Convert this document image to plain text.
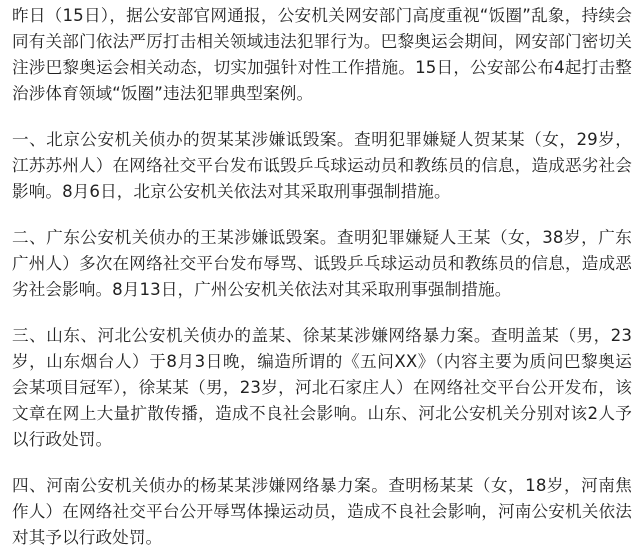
昨日（15日），据公安部官网通报，公安机关网安部门高度重视“饭圈”乱象，持续会同有关部门依法严厉打击相关领域违法犯罪行为。巴黎奥运会期间，网安部门密切关注涉巴黎奥运会相关动态，切实加强针对性工作措施。15日，公安部公布4起打击整治涉体育领域“饭圈”违法犯罪典型案例。

一、北京公安机关侦办的贺某某涉嫌诋毁案。查明犯罪嫌疑人贺某某（女，29岁，江苏苏州人）在网络社交平台发布诋毁乒乓球运动员和教练员的信息，造成恶劣社会影响。8月6日，北京公安机关依法对其采取刑事强制措施。

二、广东公安机关侦办的王某涉嫌诋毁案。查明犯罪嫌疑人王某（女，38岁，广东广州人）多次在网络社交平台发布辱骂、诋毁乒乓球运动员和教练员的信息，造成恶劣社会影响。8月13日，广州公安机关依法对其采取刑事强制措施。

三、山东、河北公安机关侦办的盖某、徐某某涉嫌网络暴力案。查明盖某（男，23岁，山东烟台人）于8月3日晚，编造所谓的《五问XX》（内容主要为质问巴黎奥运会某项目冠军），徐某某（男，23岁，河北石家庄人）在网络社交平台公开发布，该文章在网上大量扩散传播，造成不良社会影响。山东、河北公安机关分别对该2人予以行政处罚。

四、河南公安机关侦办的杨某某涉嫌网络暴力案。查明杨某某（女，18岁，河南焦作人）在网络社交平台公开辱骂体操运动员，造成不良社会影响，河南公安机关依法对其予以行政处罚。
